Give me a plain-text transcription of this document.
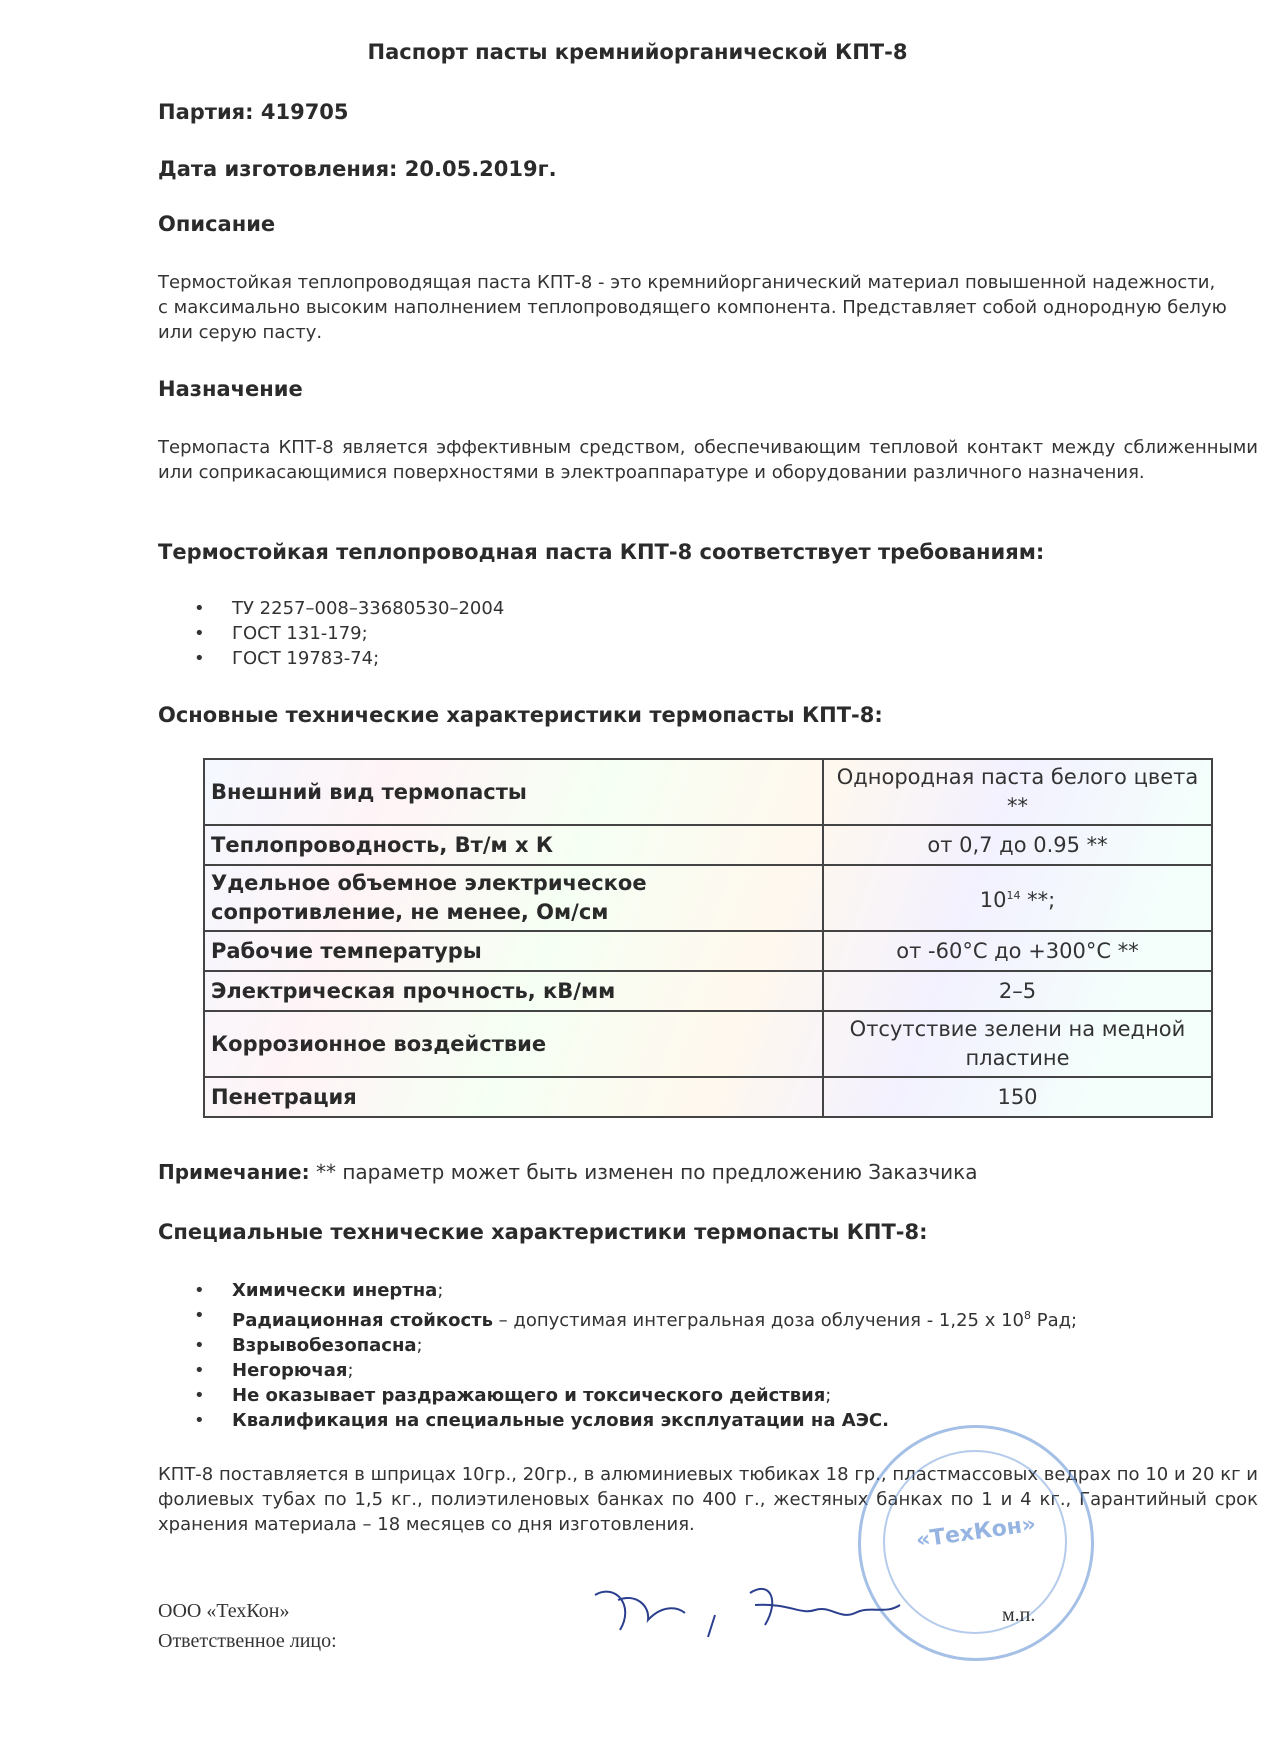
Паспорт пасты кремнийорганической КПТ-8
Партия: 419705
Дата изготовления: 20.05.2019г.
Описание

Термостойкая теплопроводящая паста КПТ-8 - это кремнийорганический материал повышенной надежности, с максимально высоким наполнением теплопроводящего компонента. Представляет собой однородную белую или серую пасту.

Назначение

Термопаста КПТ-8 является эффективным средством, обеспечивающим тепловой контакт между сближенными или соприкасающимися поверхностями в электроаппаратуре и оборудовании различного назначения.

Термостойкая теплопроводная паста КПТ-8 соответствует требованиям:
• ТУ 2257–008–33680530–2004
• ГОСТ 131-179;
• ГОСТ 19783-74;
Основные технические характеристики термопасты КПТ-8:
Внешний вид термопасты	Однородная паста белого цвета **
Теплопроводность, Вт/м х К	от 0,7 до 0.95 **
Удельное объемное электрическое сопротивление, не менее, Ом/см	$10^{14}$ **;
Рабочие температуры	от -60°С до +300°С **
Электрическая прочность, кВ/мм	2–5
Коррозионное воздействие	Отсутствие зелени на медной пластине
Пенетрация	150
Примечание: ** параметр может быть изменен по предложению Заказчика
Специальные технические характеристики термопасты КПТ-8:
• Химически инертна;
• Радиационная стойкость – допустимая интегральная доза облучения - 1,25 х $10^8$ Рад;
• Взрывобезопасна;
• Негорючая;
• Не оказывает раздражающего и токсического действия;
• Квалификация на специальные условия эксплуатации на АЭС.

КПТ-8 поставляется в шприцах 10гр., 20гр., в алюминиевых тюбиках 18 гр., пластмассовых ведрах по 10 и 20 кг и фолиевых тубах по 1,5 кг., полиэтиленовых банках по 400 г., жестяных банках по 1 и 4 кг., Гарантийный срок хранения материала – 18 месяцев со дня изготовления.	«ТехКон»
ООО «ТехКон»
Ответственное лицо:
м.п.
